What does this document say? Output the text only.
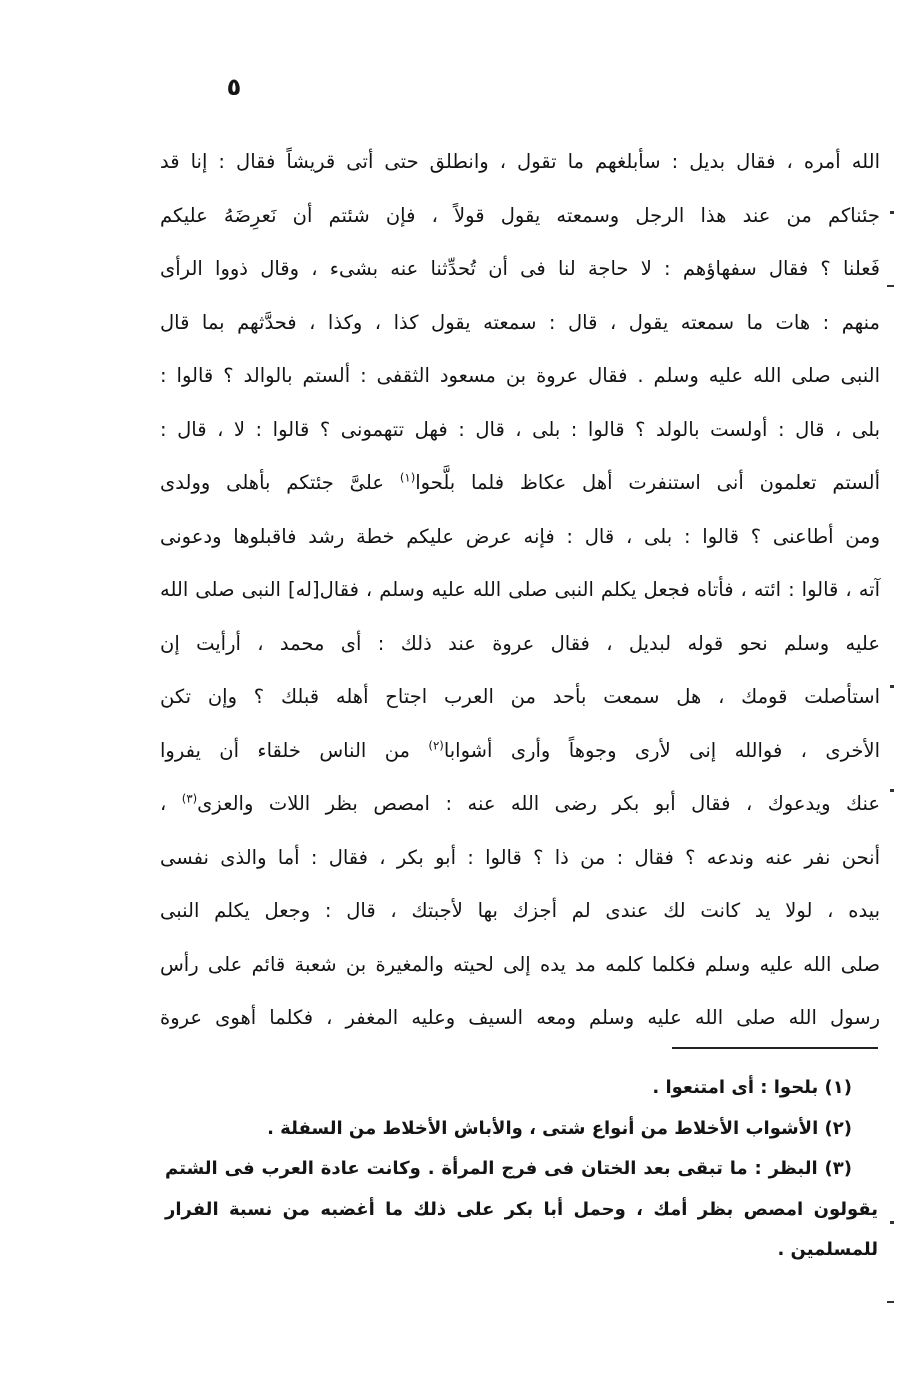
٥
الله أمره ، فقال بديل : سأبلغهم ما تقول ، وانطلق حتى أتى قريشاً فقال : إنا قد
جئناكم من عند هذا الرجل وسمعته يقول قولاً ، فإن شئتم أن نَعرِضَهُ عليكم
فَعلنا ؟ فقال سفهاؤهم : لا حاجة لنا فى أن تُحدِّثنا عنه بشىء ، وقال ذووا الرأى
منهم : هات ما سمعته يقول ، قال : سمعته يقول كذا ، وكذا ، فحدَّثهم بما قال
النبى صلى الله عليه وسلم . فقال عروة بن مسعود الثقفى : ألستم بالوالد ؟ قالوا :
بلى ، قال : أولست بالولد ؟ قالوا : بلى ، قال : فهل تتهمونى ؟ قالوا : لا ، قال :
ألستم تعلمون أنى استنفرت أهل عكاظ فلما بلَّحوا$^{(١)}$ علىَّ جئتكم بأهلى وولدى
ومن أطاعنى ؟ قالوا : بلى ، قال : فإنه عرض عليكم خطة رشد فاقبلوها ودعونى
آته ، قالوا : ائته ، فأتاه فجعل يكلم النبى صلى الله عليه وسلم ، فقال[له] النبى صلى الله
عليه وسلم نحو قوله لبديل ، فقال عروة عند ذلك : أى محمد ، أرأيت إن
استأصلت قومك ، هل سمعت بأحد من العرب اجتاح أهله قبلك ؟ وإن تكن
الأخرى ، فوالله إنى لأرى وجوهاً وأرى أشوابا$^{(٢)}$ من الناس خلقاء أن يفروا
عنك ويدعوك ، فقال أبو بكر رضى الله عنه : امصص بظر اللات والعزى$^{(٣)}$ ،
أنحن نفر عنه وندعه ؟ فقال : من ذا ؟ قالوا : أبو بكر ، فقال : أما والذى نفسى
بيده ، لولا يد كانت لك عندى لم أجزك بها لأجبتك ، قال : وجعل يكلم النبى
صلى الله عليه وسلم فكلما كلمه مد يده إلى لحيته والمغيرة بن شعبة قائم على رأس
رسول الله صلى الله عليه وسلم ومعه السيف وعليه المغفر ، فكلما أهوى عروة
(١) بلحوا : أى امتنعوا .
(٢) الأشواب الأخلاط من أنواع شتى ، والأباش الأخلاط من السفلة .
(٣) البظر : ما تبقى بعد الختان فى فرج المرأة . وكانت عادة العرب فى الشتم
يقولون امصص بظر أمك ، وحمل أبا بكر على ذلك ما أغضبه من نسبة الفرار
للمسلمين .
